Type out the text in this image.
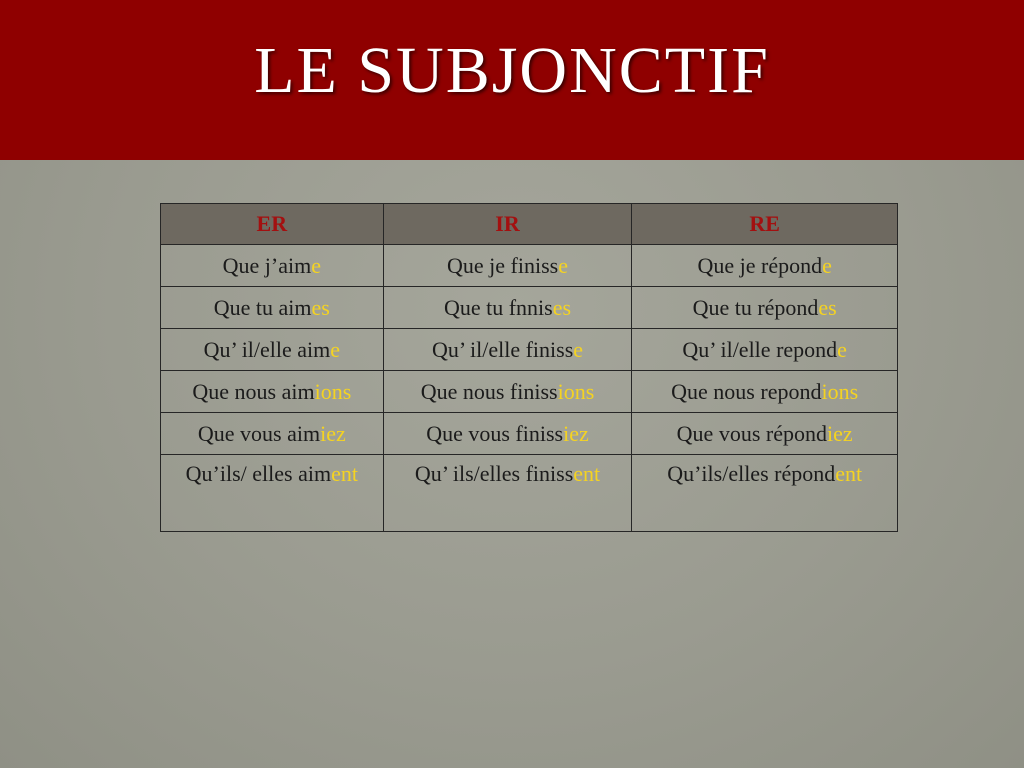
LE SUBJONCTIF
ER	IR	RE
Que j’aime	Que je finisse	Que je réponde
Que tu aimes	Que tu fnnises	Que tu répondes
Qu’ il/elle aime	Qu’ il/elle finisse	Qu’ il/elle reponde
Que nous aimions	Que nous finissions	Que nous repondions
Que vous aimiez	Que vous finissiez	Que vous répondiez
Qu’ils/ elles aiment	Qu’ ils/elles finissent	Qu’ils/elles répondent
